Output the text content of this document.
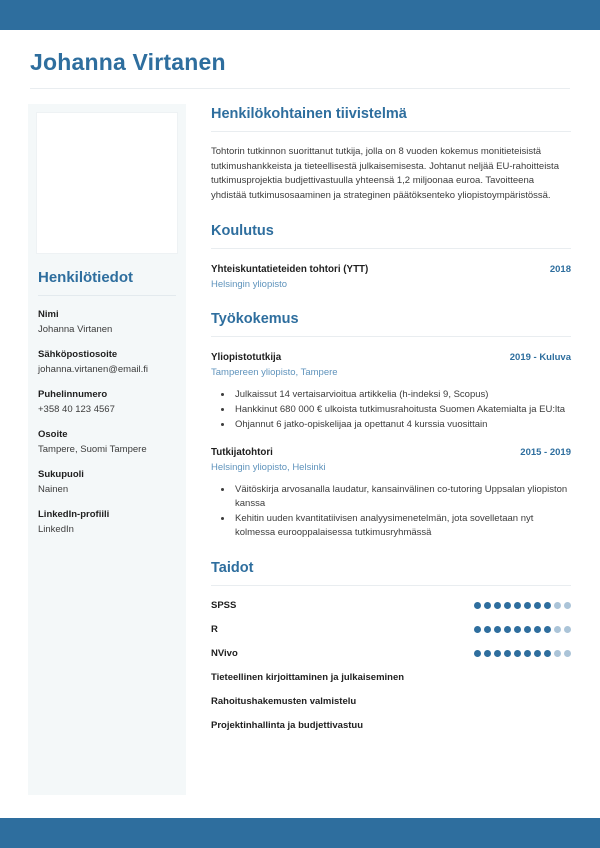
Johanna Virtanen
Henkilötiedot
Nimi
Johanna Virtanen
Sähköpostiosoite
johanna.virtanen@email.fi
Puhelinnumero
+358 40 123 4567
Osoite
Tampere, Suomi Tampere
Sukupuoli
Nainen
LinkedIn-profiili
LinkedIn
Henkilökohtainen tiivistelmä
Tohtorin tutkinnon suorittanut tutkija, jolla on 8 vuoden kokemus monitieteisistä tutkimushankkeista ja tieteellisestä julkaisemisesta. Johtanut neljää EU-rahoitteista tutkimusprojektia budjettivastuulla yhteensä 1,2 miljoonaa euroa. Tavoitteena yhdistää tutkimusosaaminen ja strateginen päätöksenteko yliopistoympäristössä.
Koulutus
Yhteiskuntatieteiden tohtori (YTT)	2018
Helsingin yliopisto
Työkokemus
Yliopistotutkija	2019 - Kuluva
Tampereen yliopisto, Tampere
• Julkaissut 14 vertaisarvioitua artikkelia (h-indeksi 9, Scopus)
• Hankkinut 680 000 € ulkoista tutkimusrahoitusta Suomen Akatemialta ja EU:lta
• Ohjannut 6 jatko-opiskelijaa ja opettanut 4 kurssia vuosittain
Tutkijatohtori	2015 - 2019
Helsingin yliopisto, Helsinki
• Väitöskirja arvosanalla laudatur, kansainvälinen co-tutoring Uppsalan yliopiston kanssa
• Kehitin uuden kvantitatiivisen analyysimenetelmän, jota sovelletaan nyt kolmessa eurooppalaisessa tutkimusryhmässä
Taidot
SPSS
R
NVivo
Tieteellinen kirjoittaminen ja julkaiseminen
Rahoitushakemusten valmistelu
Projektinhallinta ja budjettivastuu
